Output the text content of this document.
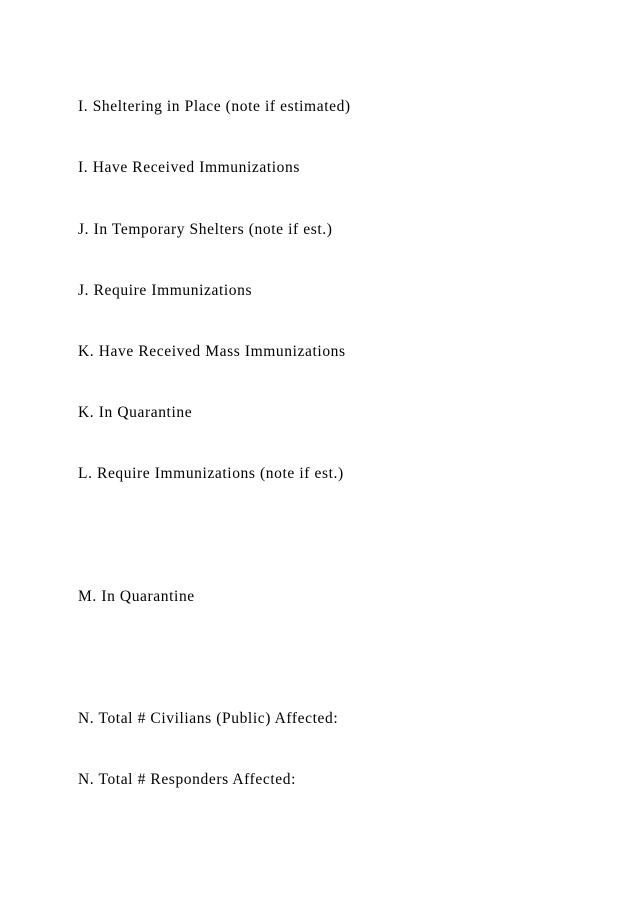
I. Sheltering in Place (note if estimated)

I. Have Received Immunizations

J. In Temporary Shelters (note if est.)

J. Require Immunizations

K. Have Received Mass Immunizations

K. In Quarantine

L. Require Immunizations (note if est.)

M. In Quarantine

N. Total # Civilians (Public) Affected:

N. Total # Responders Affected:
